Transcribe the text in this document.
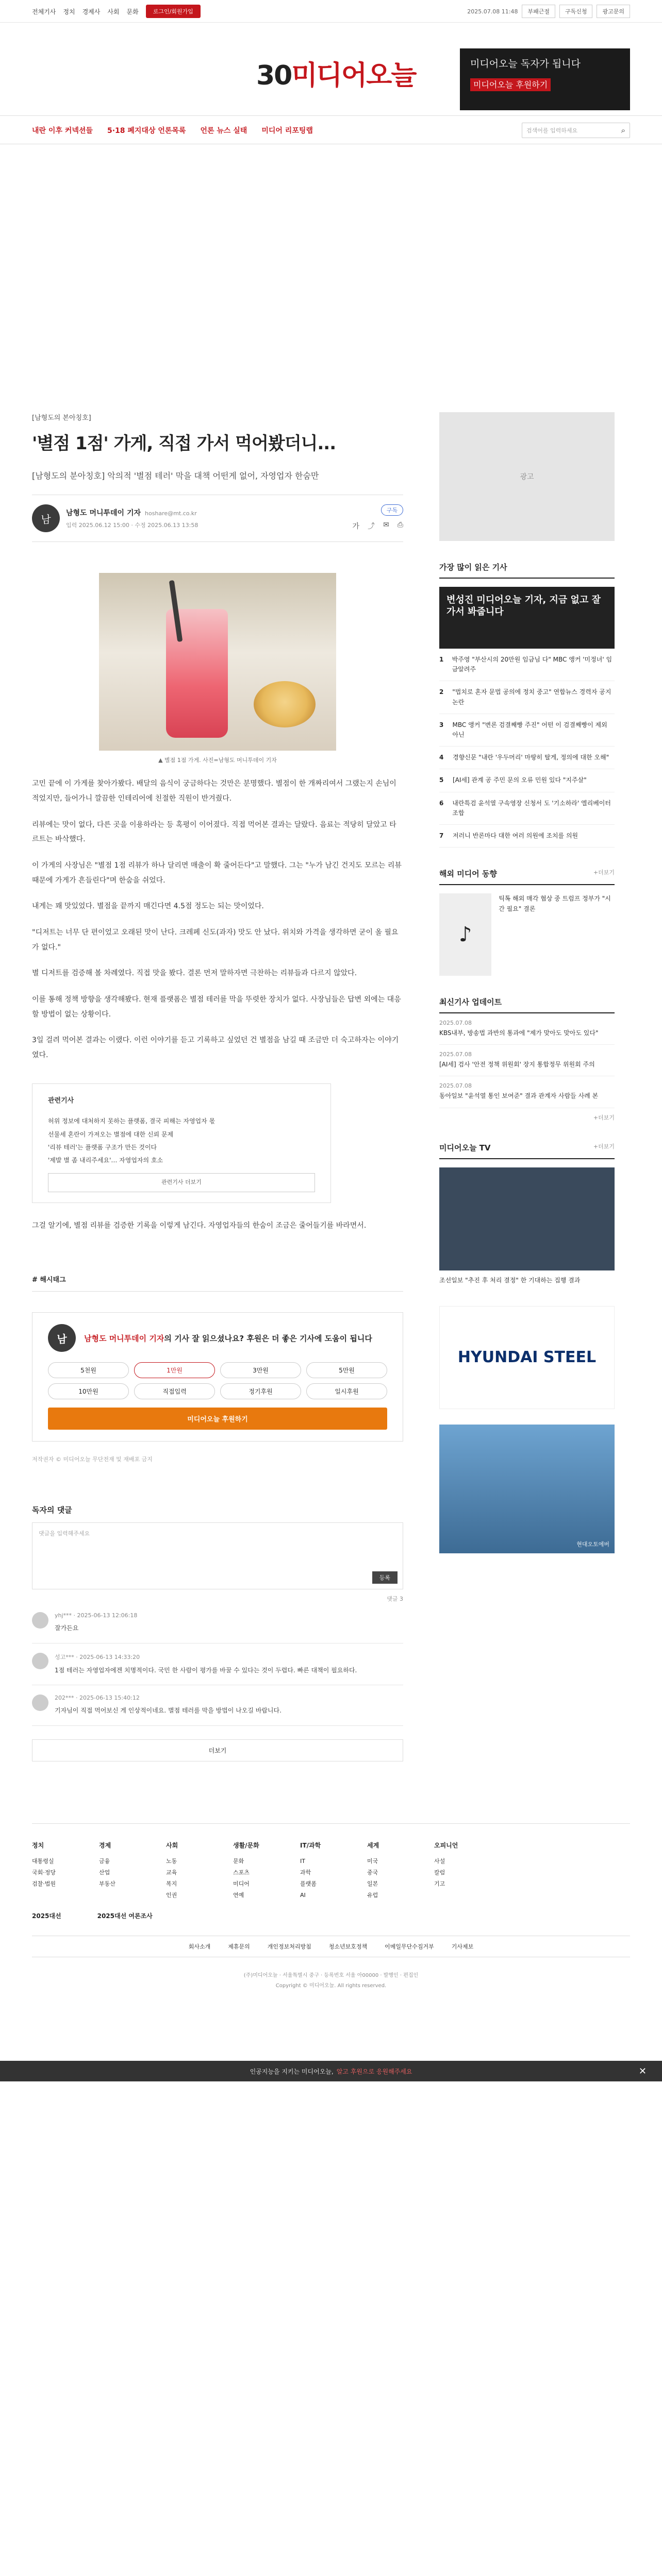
전체기사 정치 경제사 사회 문화	로그인/회원가입	2025.07.08 11:48	부패근절	구독신청	광고문의
30미디어오늘	미디어오늘 독자가 됩니다
미디어오늘 후원하기
내란 이후 커넥션들 5·18 폐지대상 언론목록 언론 뉴스 실태 미디어 리포팅랩	검색어를 입력하세요	⌕
[남형도의 본아칭호]
'별점 1점' 가게, 직접 가서 먹어봤더니...
[남형도의 분아칭호] 악의적 '별점 테러' 막을 대책 어떤게 없어, 자영업자 한숨만
남	남형도 머니투데이 기자 hoshare@mt.co.kr
입력 2025.06.12 15:00 · 수정 2025.06.13 13:58
구독
가 ⤴ ✉ ⎙
▲ 별점 1점 가게. 사진=남형도 머니투데이 기자

고민 끝에 이 가게를 찾아가봤다. 배달의 음식이 궁금하다는 것만은 분명했다. 별점이 한 개짜리여서 그랬는지 손님이 적었지만, 들어가니 깔끔한 인테리어에 친절한 직원이 반겨줬다.

리뷰에는 맛이 없다, 다른 곳을 이용하라는 등 혹평이 이어졌다. 직접 먹어본 결과는 달랐다. 음료는 적당히 달았고 타르트는 바삭했다.

이 가게의 사장님은 "별점 1점 리뷰가 하나 달리면 매출이 확 줄어든다"고 말했다. 그는 "누가 남긴 건지도 모르는 리뷰 때문에 가게가 흔들린다"며 한숨을 쉬었다.

내게는 꽤 맛있었다. 별점을 끝까지 매긴다면 4.5점 정도는 되는 맛이었다.

"디저트는 너무 단 편이었고 오래된 맛이 난다. 크레페 신도(과자) 맛도 안 났다. 위치와 가격을 생각하면 굳이 올 필요가 없다."

별 디저트를 검증해 볼 차례였다. 직접 맛을 봤다. 결론 먼저 말하자면 극찬하는 리뷰들과 다르지 않았다.

이를 통해 정책 방향을 생각해봤다. 현재 플랫폼은 별점 테러를 막을 뚜렷한 장치가 없다. 사장님들은 답변 외에는 대응할 방법이 없는 상황이다.

3일 걸려 먹어본 결과는 이랬다. 이런 이야기를 듣고 기록하고 싶었던 건 별점을 남길 때 조금만 더 숙고하자는 이야기였다.

관련기사
허위 정보에 대처하지 못하는 플랫폼, 결국 피해는 자영업자 몫
선물세 혼란이 가져오는 별점에 대한 신뢰 문제
'리뷰 테러'는 플랫폼 구조가 만든 것이다
'제발 별 좀 내리주세요'… 자영업자의 호소
관련기사 더보기

그걸 알기에, 별점 리뷰를 검증한 기록을 이렇게 남긴다. 자영업자들의 한숨이 조금은 줄어들기를 바라면서.

# 해시태그
남	남형도 머니투데이 기자의 기사 잘 읽으셨나요? 후원은 더 좋은 기사에 도움이 됩니다
5천원	1만원	3만원	5만원
10만원	직접입력	정기후원	일시후원
미디어오늘 후원하기
저작권자 © 미디어오늘 무단전재 및 재배포 금지
독자의 댓글
댓글을 입력해주세요
등록
댓글 3
yhj*** · 2025-06-13 12:06:18
잘가든요
성고*** · 2025-06-13 14:33:20
1점 테러는 자영업자에겐 치명적이다. 국민 한 사람이 평가를 바꿀 수 있다는 것이 두렵다. 빠른 대책이 필요하다.
202*** · 2025-06-13 15:40:12
기자님이 직접 먹어보신 게 인상적이네요. 별점 테러를 막을 방법이 나오길 바랍니다.
더보기
광고
가장 많이 읽은 기사
변성진 미디어오늘 기자, 지금 없고 잘 가서 봐줍니다
1 박주영 "부산시의 20만원 임금님 다" MBC 앵커 '미정녀' 임금알려주
2 "법치로 혼자 문법 공의에 정치 중고" 연합뉴스 경력자 공지 논란
3 MBC 앵커 "변론 검결째빵 주진" 어떤 이 검결째빵이 제외 아닌
4	경향신문 "내란 '우두머리' 마땅히 탈게, 정의에 대한 오해"
5	[AI세] 관계 공 주민 문의 오류 민원 있다 "지주살"
6 내란특검 윤석열 구속영장 신청서 도 '기소하라' 엘리베이터 조합
7	저러니 반론마다 대한 여러 의원에 조치를 의원
해외 미디어 동향	+더보기
♪
틱톡 해외 매각 협상 중 트럼프 정부가 "시간 필요" 결론
최신기사 업데이트
2025.07.08
KBS내부, 방송법 과반의 통과에 "제가 맞아도 맞아도 있다"
2025.07.08
[AI세] 검사 '안전 정책 위원회' 장지 통합정무 위원회 주의
2025.07.08
동아일보 "윤석열 통인 보여준" 결과 관계자 사람들 사례 본
+더보기
미디어오늘 TV	+더보기
조선일보 "추진 후 처리 결정" 한 기대하는 집행 결과
HYUNDAI STEEL
현대오토에버
정치
대통령실
국회·정당
검찰·법원
경제
금융
산업
부동산
사회
노동
교육
복지
인권
생활/문화
문화
스포츠
미디어
연예
IT/과학
IT
과학
플랫폼
AI
세계
미국
중국
일본
유럽
오피니언
사설
칼럼
기고
2025대선	2025대선 여론조사
회사소개	제휴문의	개인정보처리방침	청소년보호정책	이메일무단수집거부	기사제보
(주)미디어오늘 · 서울특별시 중구 · 등록번호 서울 아00000 · 발행인 · 편집인
Copyright © 미디어오늘. All rights reserved.
인공지능을 지키는 미디어오늘, 알고 후원으로 응원해주세요	✕
